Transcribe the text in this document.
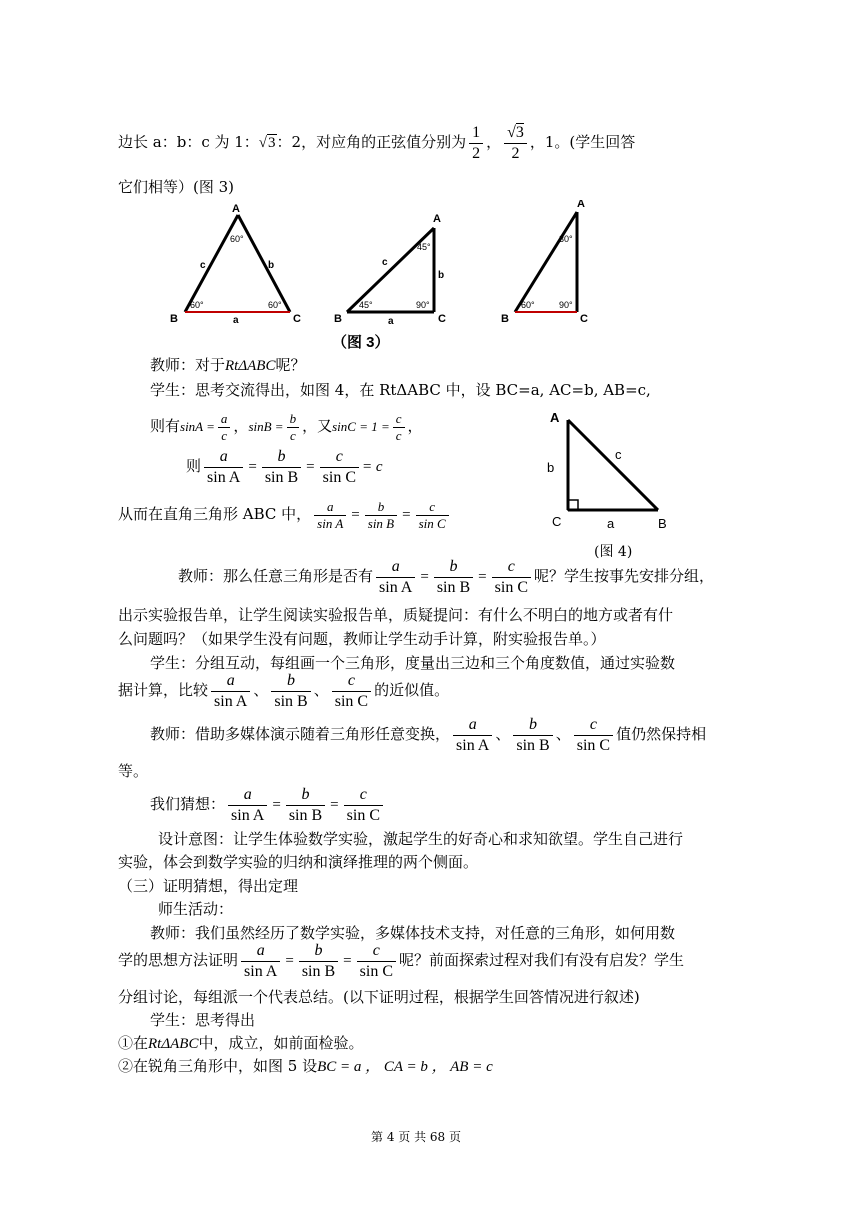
边长 a：b：c 为 1：√3：2，对应角的正弦值分别为 $\frac{1}{2}$ ， $\frac{√3}{2}$ ，1。(学生回答
它们相等）(图 3)
A
B	C
a
b
c
60°
60°	60°
A
B	C
a
b
c
45°
45°	90°
A
B	C
30°
60°	90°
（图 3）
教师：对于RtΔABC呢？
学生：思考交流得出，如图 4，在 RtΔABC 中，设 BC=a, AC=b, AB=c,
则有$\sin A = \frac{a}{c}$ ，$\sin B = \frac{b}{c}$ ，又$\sin C = 1 = \frac{c}{c}$ ，
则 $\frac{a}{\text{sin A}} = \frac{b}{\text{sin B}} = \frac{c}{\text{sin C}} = c$
从而在直角三角形 ABC 中， $\frac{a}{\text{sin A}} = \frac{b}{\text{sin B}} = \frac{c}{\text{sin C}}$
A
C	B
a
b
c
(图 4)
教师：那么任意三角形是否有 $\frac{a}{\text{sin A}} = \frac{b}{\text{sin B}} = \frac{c}{\text{sin C}}$ 呢？学生按事先安排分组，
出示实验报告单，让学生阅读实验报告单，质疑提问：有什么不明白的地方或者有什
么问题吗？（如果学生没有问题，教师让学生动手计算，附实验报告单。）
学生：分组互动，每组画一个三角形，度量出三边和三个角度数值，通过实验数
据计算，比较 $\frac{a}{\text{sin A}}$ 、 $\frac{b}{\text{sin B}}$ 、 $\frac{c}{\text{sin C}}$ 的近似值。
教师：借助多媒体演示随着三角形任意变换， $\frac{a}{\text{sin A}}$ 、 $\frac{b}{\text{sin B}}$ 、 $\frac{c}{\text{sin C}}$ 值仍然保持相
等。
我们猜想： $\frac{a}{\text{sin A}} = \frac{b}{\text{sin B}} = \frac{c}{\text{sin C}}$
设计意图：让学生体验数学实验，激起学生的好奇心和求知欲望。学生自己进行
实验，体会到数学实验的归纳和演绎推理的两个侧面。
（三）证明猜想，得出定理
师生活动：
教师：我们虽然经历了数学实验，多媒体技术支持，对任意的三角形，如何用数
学的思想方法证明 $\frac{a}{\text{sin A}} = \frac{b}{\text{sin B}} = \frac{c}{\text{sin C}}$ 呢？前面探索过程对我们有没有启发？学生
分组讨论，每组派一个代表总结。(以下证明过程，根据学生回答情况进行叙述)
学生：思考得出
①在RtΔABC中，成立，如前面检验。
②在锐角三角形中，如图 5 设BC = a ， CA = b ， AB = c
第 4 页 共 68 页
